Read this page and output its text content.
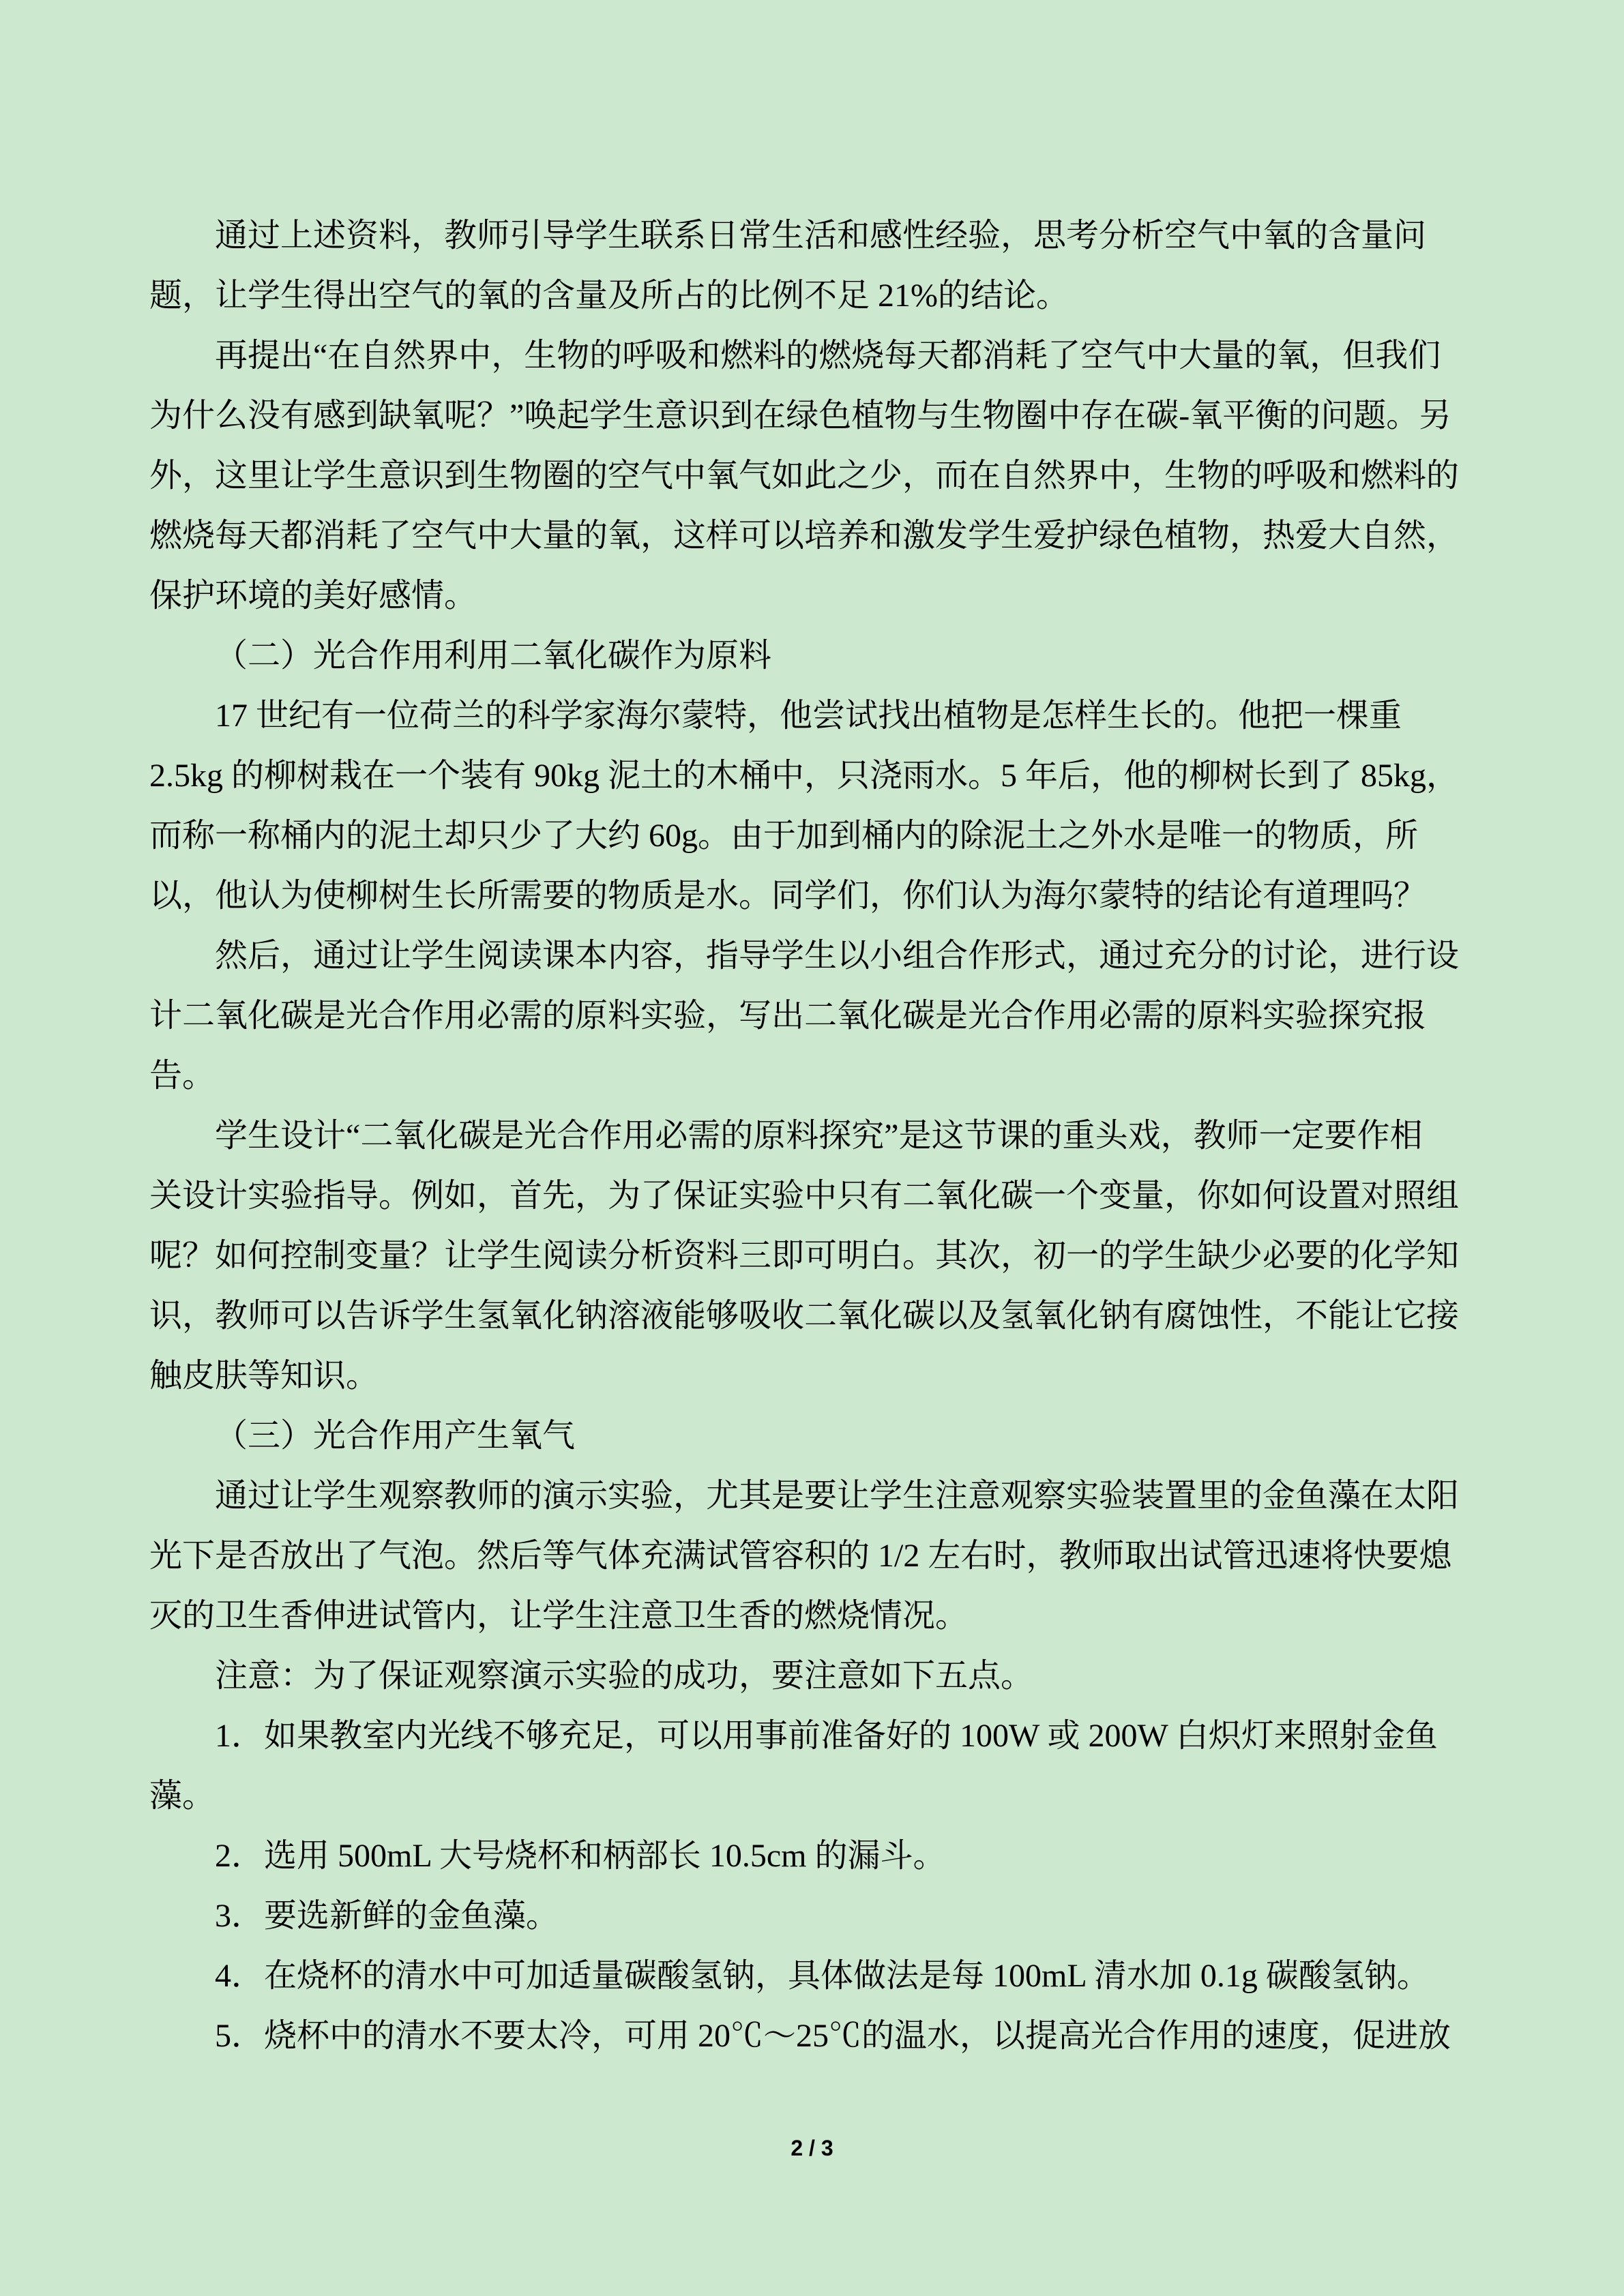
通过上述资料，教师引导学生联系日常生活和感性经验，思考分析空气中氧的含量问
题，让学生得出空气的氧的含量及所占的比例不足 21%的结论。
再提出“在自然界中，生物的呼吸和燃料的燃烧每天都消耗了空气中大量的氧，但我们
为什么没有感到缺氧呢？”唤起学生意识到在绿色植物与生物圈中存在碳-氧平衡的问题。另
外，这里让学生意识到生物圈的空气中氧气如此之少，而在自然界中，生物的呼吸和燃料的
燃烧每天都消耗了空气中大量的氧，这样可以培养和激发学生爱护绿色植物，热爱大自然，
保护环境的美好感情。
（二）光合作用利用二氧化碳作为原料
17 世纪有一位荷兰的科学家海尔蒙特，他尝试找出植物是怎样生长的。他把一棵重
2.5kg 的柳树栽在一个装有 90kg 泥土的木桶中，只浇雨水。5 年后，他的柳树长到了 85kg，
而称一称桶内的泥土却只少了大约 60g。由于加到桶内的除泥土之外水是唯一的物质，所
以，他认为使柳树生长所需要的物质是水。同学们，你们认为海尔蒙特的结论有道理吗？
然后，通过让学生阅读课本内容，指导学生以小组合作形式，通过充分的讨论，进行设
计二氧化碳是光合作用必需的原料实验，写出二氧化碳是光合作用必需的原料实验探究报
告。
学生设计“二氧化碳是光合作用必需的原料探究”是这节课的重头戏，教师一定要作相
关设计实验指导。例如，首先，为了保证实验中只有二氧化碳一个变量，你如何设置对照组
呢？如何控制变量？让学生阅读分析资料三即可明白。其次，初一的学生缺少必要的化学知
识，教师可以告诉学生氢氧化钠溶液能够吸收二氧化碳以及氢氧化钠有腐蚀性，不能让它接
触皮肤等知识。
（三）光合作用产生氧气
通过让学生观察教师的演示实验，尤其是要让学生注意观察实验装置里的金鱼藻在太阳
光下是否放出了气泡。然后等气体充满试管容积的 1/2 左右时，教师取出试管迅速将快要熄
灭的卫生香伸进试管内，让学生注意卫生香的燃烧情况。
注意：为了保证观察演示实验的成功，要注意如下五点。
1．如果教室内光线不够充足，可以用事前准备好的 100W 或 200W 白炽灯来照射金鱼
藻。
2．选用 500mL 大号烧杯和柄部长 10.5cm 的漏斗。
3．要选新鲜的金鱼藻。
4．在烧杯的清水中可加适量碳酸氢钠，具体做法是每 100mL 清水加 0.1g 碳酸氢钠。
5．烧杯中的清水不要太冷，可用 20℃～25℃的温水，以提高光合作用的速度，促进放
2 / 3
